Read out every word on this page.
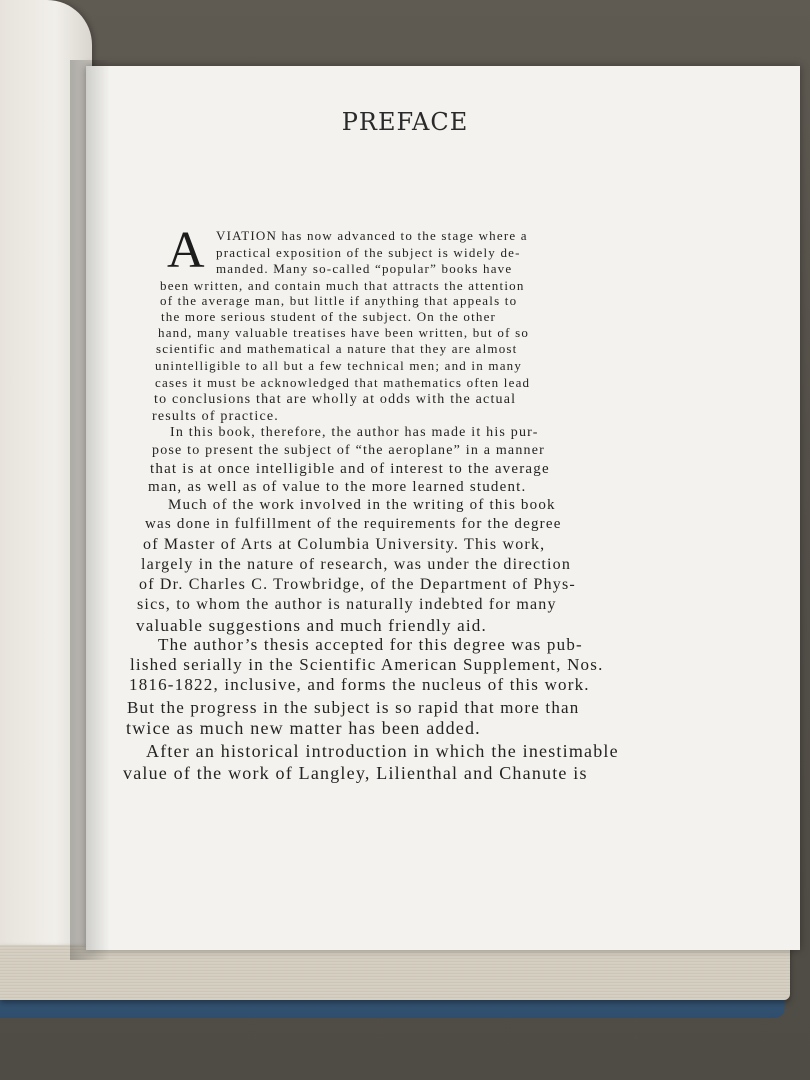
PREFACE
A VIATION has now advanced to the stage where a
practical exposition of the subject is widely de-
manded. Many so-called “popular” books have
been written, and contain much that attracts the attention
of the average man, but little if anything that appeals to
the more serious student of the subject. On the other
hand, many valuable treatises have been written, but of so
scientific and mathematical a nature that they are almost
unintelligible to all but a few technical men; and in many
cases it must be acknowledged that mathematics often lead
to conclusions that are wholly at odds with the actual
results of practice.
In this book, therefore, the author has made it his pur-
pose to present the subject of “the aeroplane” in a manner
that is at once intelligible and of interest to the average
man, as well as of value to the more learned student.
Much of the work involved in the writing of this book
was done in fulfillment of the requirements for the degree
of Master of Arts at Columbia University. This work,
largely in the nature of research, was under the direction
of Dr. Charles C. Trowbridge, of the Department of Phys-
sics, to whom the author is naturally indebted for many
valuable suggestions and much friendly aid.
The author’s thesis accepted for this degree was pub-
lished serially in the Scientific American Supplement, Nos.
1816-1822, inclusive, and forms the nucleus of this work.
But the progress in the subject is so rapid that more than
twice as much new matter has been added.
After an historical introduction in which the inestimable
value of the work of Langley, Lilienthal and Chanute is
